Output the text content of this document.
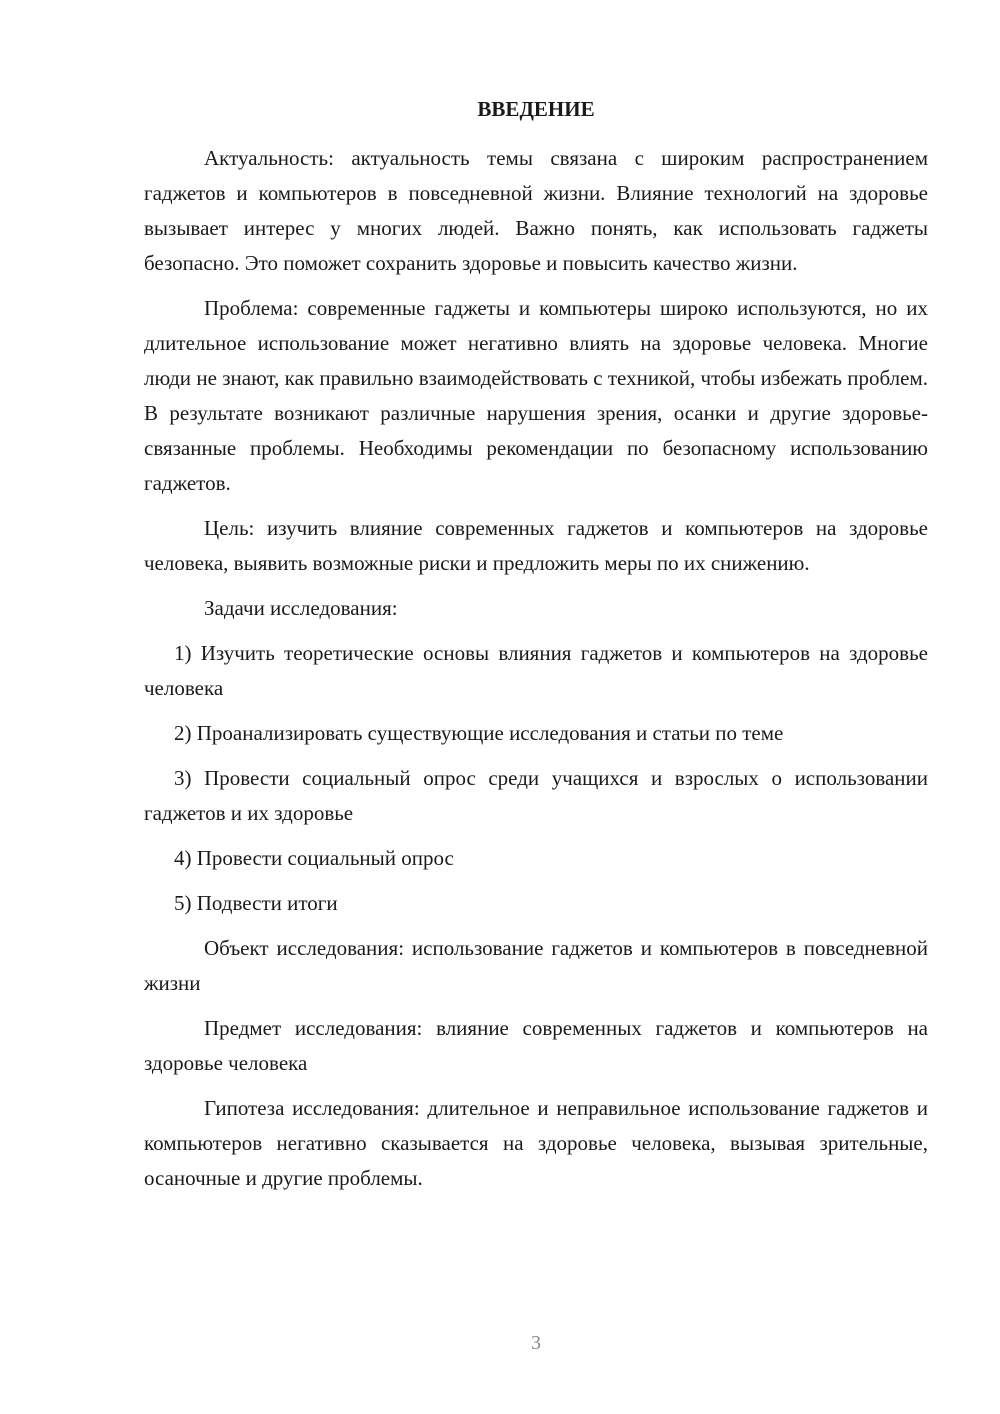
ВВЕДЕНИЕ

Актуальность: актуальность темы связана с широким распространением гаджетов и компьютеров в повседневной жизни. Влияние технологий на здоровье вызывает интерес у многих людей. Важно понять, как использовать гаджеты безопасно. Это поможет сохранить здоровье и повысить качество жизни.

Проблема: современные гаджеты и компьютеры широко используются, но их длительное использование может негативно влиять на здоровье человека. Многие люди не знают, как правильно взаимодействовать с техникой, чтобы избежать проблем. В результате возникают различные нарушения зрения, осанки и другие здоровье-связанные проблемы. Необходимы рекомендации по безопасному использованию гаджетов.

Цель: изучить влияние современных гаджетов и компьютеров на здоровье человека, выявить возможные риски и предложить меры по их снижению.

Задачи исследования:

1) Изучить теоретические основы влияния гаджетов и компьютеров на здоровье человека

2) Проанализировать существующие исследования и статьи по теме

3) Провести социальный опрос среди учащихся и взрослых о использовании гаджетов и их здоровье

4) Провести социальный опрос

5) Подвести итоги

Объект исследования: использование гаджетов и компьютеров в повседневной жизни

Предмет исследования: влияние современных гаджетов и компьютеров на здоровье человека

Гипотеза исследования: длительное и неправильное использование гаджетов и компьютеров негативно сказывается на здоровье человека, вызывая зрительные, осаночные и другие проблемы.

3
